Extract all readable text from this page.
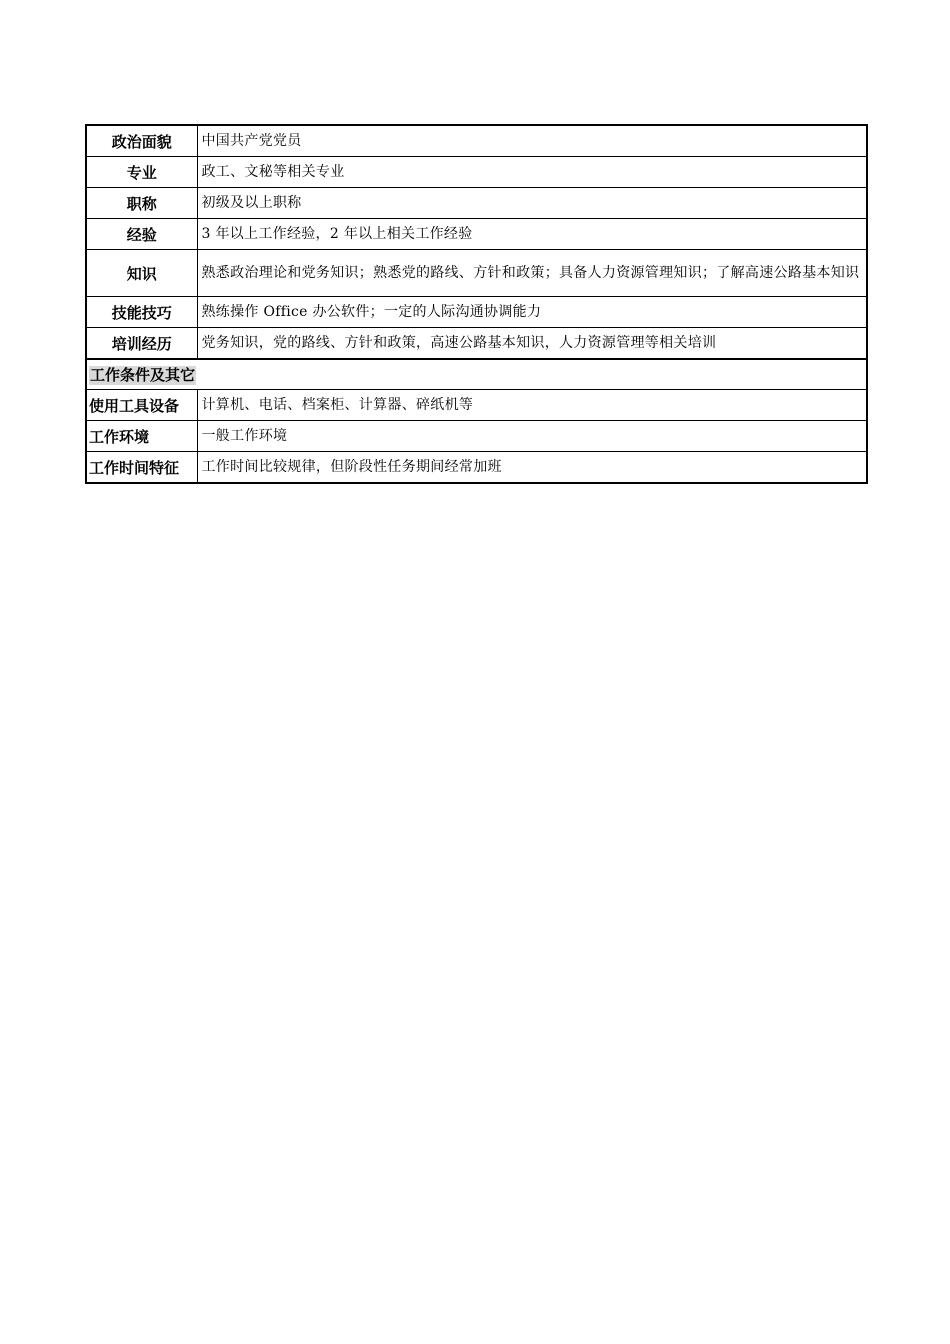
政治面貌	中国共产党党员
专业	政工、文秘等相关专业
职称	初级及以上职称
经验	3 年以上工作经验，2 年以上相关工作经验
知识	熟悉政治理论和党务知识；熟悉党的路线、方针和政策；具备人力资源管理知识；了解高速公路基本知识
技能技巧	熟练操作 Office 办公软件；一定的人际沟通协调能力
培训经历	党务知识，党的路线、方针和政策，高速公路基本知识，人力资源管理等相关培训
工作条件及其它	
使用工具设备	计算机、电话、档案柜、计算器、碎纸机等
工作环境	一般工作环境
工作时间特征	工作时间比较规律，但阶段性任务期间经常加班
